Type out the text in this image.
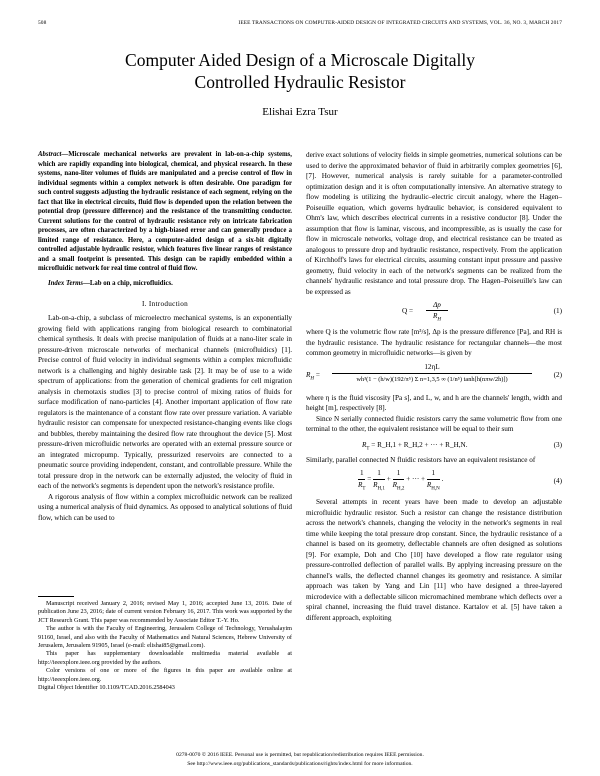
508	IEEE TRANSACTIONS ON COMPUTER-AIDED DESIGN OF INTEGRATED CIRCUITS AND SYSTEMS, VOL. 36, NO. 3, MARCH 2017
Computer Aided Design of a Microscale Digitally
Controlled Hydraulic Resistor
Elishai Ezra Tsur
Abstract—Microscale mechanical networks are prevalent in lab-on-a-chip systems, which are rapidly expanding into biological, chemical, and physical research. In these systems, nano-liter volumes of fluids are manipulated and a precise control of flow in individual segments within a complex network is often desirable. One paradigm for such control suggests adjusting the hydraulic resistance of each segment, relying on the fact that like in electrical circuits, fluid flow is depended upon the relation between the potential drop (pressure difference) and the resistance of the transmitting conductor. Current solutions for the control of hydraulic resistance rely on intricate fabrication processes, are often characterized by a high-biased error and can generally produce a limited range of resistance. Here, a computer-aided design of a six-bit digitally controlled adjustable hydraulic resistor, which features five linear ranges of resistance and a small footprint is presented. This design can be rapidly embedded within a microfluidic network for real time control of fluid flow.
Index Terms—Lab on a chip, microfluidics.
I. Introduction

Lab-on-a-chip, a subclass of microelectro mechanical systems, is an exponentially growing field with applications ranging from biological research to combinatorial chemical synthesis. It deals with precise manipulation of fluids at a nano-liter scale in pressure-driven microscale networks of mechanical channels (microfluidics) [1]. Precise control of fluid velocity in individual segments within a complex microfluidic network is a challenging and highly desirable task [2]. It may be of use to a wide spectrum of applications: from the generation of chemical gradients for cell migration analysis in chemotaxis studies [3] to precise control of mixing ratios of fluids for surface modification of nano-particles [4]. Another important application of flow rate regulators is the maintenance of a constant flow rate over pressure variation. A variable hydraulic resistor can compensate for unexpected resistance-changing events like clogs and bubbles, thereby maintaining the desired flow rate throughout the device [5]. Most pressure-driven microfluidic networks are operated with an external pressure source or an integrated micropump. Typically, pressurized reservoirs are connected to a pneumatic source providing independent, constant, and controllable pressure. While the total pressure drop in the network can be externally adjusted, the velocity of fluid in each of the network's segments is dependent upon the network's resistance profile.

A rigorous analysis of flow within a complex microfluidic network can be realized using a numerical analysis of fluid dynamics. As opposed to analytical solutions of fluid flow, which can be used to

Manuscript received January 2, 2016; revised May 1, 2016; accepted June 13, 2016. Date of publication June 23, 2016; date of current version February 16, 2017. This work was supported by the JCT Research Grant. This paper was recommended by Associate Editor T.-Y. Ho.

The author is with the Faculty of Engineering, Jerusalem College of Technology, Yerushalayim 91160, Israel, and also with the Faculty of Mathematics and Natural Sciences, Hebrew University of Jerusalem, Jerusalem 91905, Israel (e-mail: elishai85@gmail.com).

This paper has supplementary downloadable multimedia material available at http://ieeexplore.ieee.org provided by the authors.

Color versions of one or more of the figures in this paper are available online at http://ieeexplore.ieee.org.

Digital Object Identifier 10.1109/TCAD.2016.2584043

derive exact solutions of velocity fields in simple geometries, numerical solutions can be used to derive the approximated behavior of fluid in arbitrarily complex geometries [6], [7]. However, numerical analysis is rarely suitable for a parameter-controlled optimization design and it is often computationally intensive. An alternative strategy to flow modeling is utilizing the hydraulic–electric circuit analogy, where the Hagen–Poiseuille equation, which governs hydraulic behavior, is considered equivalent to Ohm's law, which describes electrical currents in a resistive conductor [8]. Under the assumption that flow is laminar, viscous, and incompressible, as is usually the case for flow in microscale networks, voltage drop, and electrical resistance can be treated as analogous to pressure drop and hydraulic resistance, respectively. From the application of Kirchhoff's laws for electrical circuits, assuming constant input pressure and passive geometry, fluid velocity in each of the network's segments can be realized from the channels' hydraulic resistance and total pressure drop. The Hagen–Poiseuille's law can be expressed as

Q =
Δp
$R_H$
(1)

where Q is the volumetric flow rate [m³/s], Δp is the pressure difference [Pa], and RH is the hydraulic resistance. The hydraulic resistance for rectangular channels—the most common geometry in microfluidic networks—is given by

$R_H$ =
12ηL
wh³(1 − (h/w)(192/π⁵) Σ n=1,3,5 ∞ (1/n⁵) tanh[h(nπw/2h)])
(2)

where η is the fluid viscosity [Pa s], and L, w, and h are the channels' length, width and height [m], respectively [8].

Since N serially connected fluidic resistors carry the same volumetric flow from one terminal to the other, the equivalent resistance will be equal to their sum

$R_T$ = R_H,1 + R_H,2 + ··· + R_H,N.	(3)

Similarly, parallel connected N fluidic resistors have an equivalent resistance of

$\frac{1}{R_T} = \frac{1}{R_{H,1}} + \frac{1}{R_{H,2}}$ + ··· + $\frac{1}{R_{H,N}}$ .	(4)

Several attempts in recent years have been made to develop an adjustable microfluidic hydraulic resistor. Such a resistor can change the resistance distribution across the network's channels, changing the velocity in the network's segments in real time while keeping the total pressure drop constant. Since, the hydraulic resistance of a channel is based on its geometry, deflectable channels are often designed as solutions [9]. For example, Doh and Cho [10] have developed a flow rate regulator using pressure-controlled deflection of parallel walls. By applying increasing pressure on the channel's walls, the deflected channel changes its geometry and resistance. A similar approach was taken by Yang and Lin [11] who have designed a three-layered microdevice with a deflectable silicon micromachined membrane which deflects over a spiral channel, increasing the fluid travel distance. Kartalov et al. [5] have taken a different approach, exploiting

0278-0070 © 2016 IEEE. Personal use is permitted, but republication/redistribution requires IEEE permission.
See http://www.ieee.org/publications_standards/publications/rights/index.html for more information.
